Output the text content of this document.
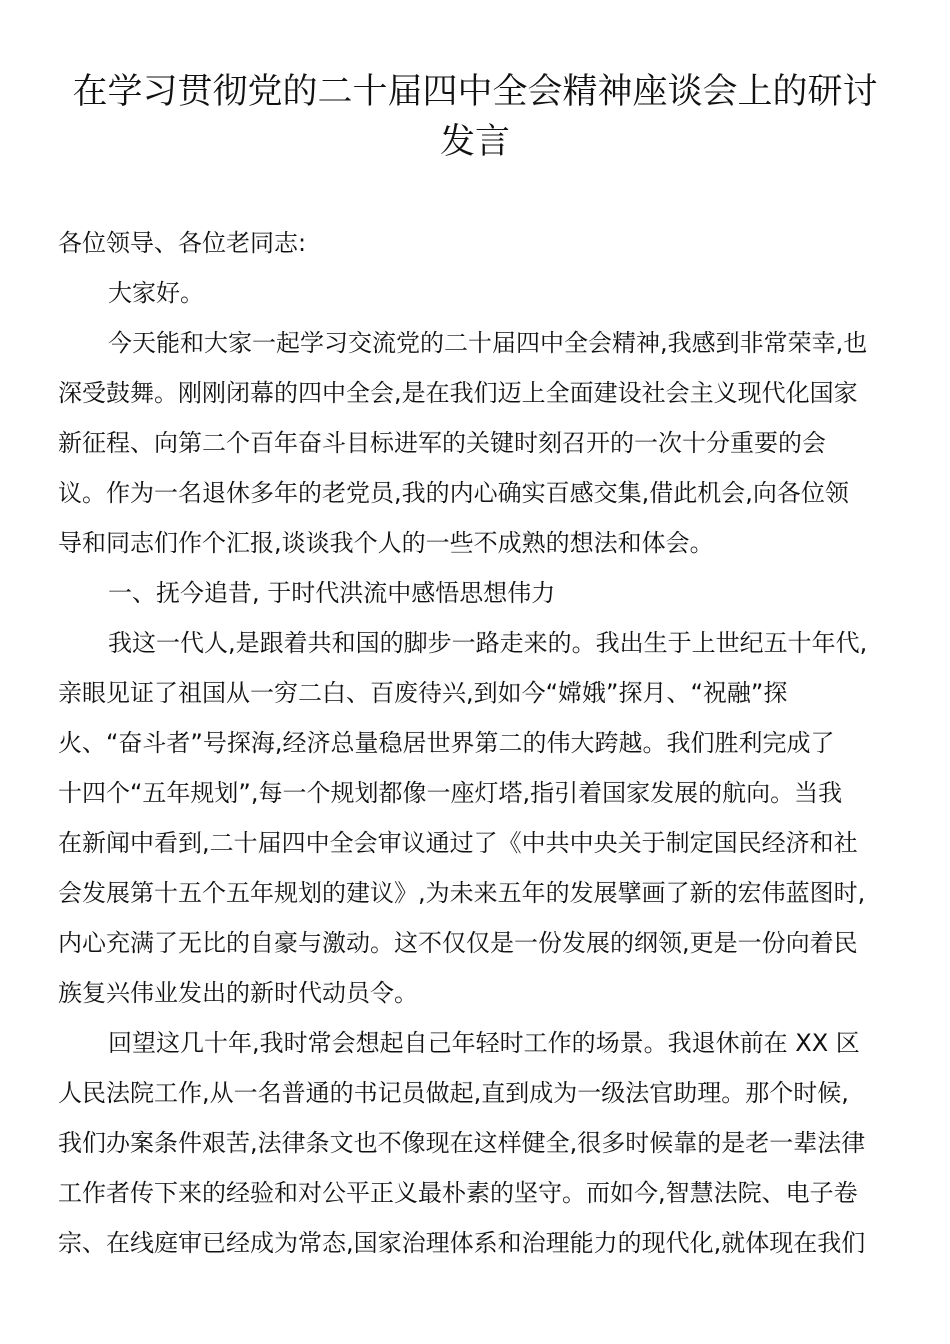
在学习贯彻党的二十届四中全会精神座谈会上的研讨
发言
各位领导、各位老同志:
大家好。
今天能和大家一起学习交流党的二十届四中全会精神,我感到非常荣幸,也
深受鼓舞。刚刚闭幕的四中全会,是在我们迈上全面建设社会主义现代化国家
新征程、向第二个百年奋斗目标进军的关键时刻召开的一次十分重要的会
议。作为一名退休多年的老党员,我的内心确实百感交集,借此机会,向各位领
导和同志们作个汇报,谈谈我个人的一些不成熟的想法和体会。
一、抚今追昔, 于时代洪流中感悟思想伟力
我这一代人,是跟着共和国的脚步一路走来的。我出生于上世纪五十年代,
亲眼见证了祖国从一穷二白、百废待兴,到如今“嫦娥”探月、“祝融”探
火、“奋斗者”号探海,经济总量稳居世界第二的伟大跨越。我们胜利完成了
十四个“五年规划”,每一个规划都像一座灯塔,指引着国家发展的航向。当我
在新闻中看到,二十届四中全会审议通过了《中共中央关于制定国民经济和社
会发展第十五个五年规划的建议》,为未来五年的发展擘画了新的宏伟蓝图时,
内心充满了无比的自豪与激动。这不仅仅是一份发展的纲领,更是一份向着民
族复兴伟业发出的新时代动员令。
回望这几十年,我时常会想起自己年轻时工作的场景。我退休前在 XX 区
人民法院工作,从一名普通的书记员做起,直到成为一级法官助理。那个时候,
我们办案条件艰苦,法律条文也不像现在这样健全,很多时候靠的是老一辈法律
工作者传下来的经验和对公平正义最朴素的坚守。而如今,智慧法院、电子卷
宗、在线庭审已经成为常态,国家治理体系和治理能力的现代化,就体现在我们
